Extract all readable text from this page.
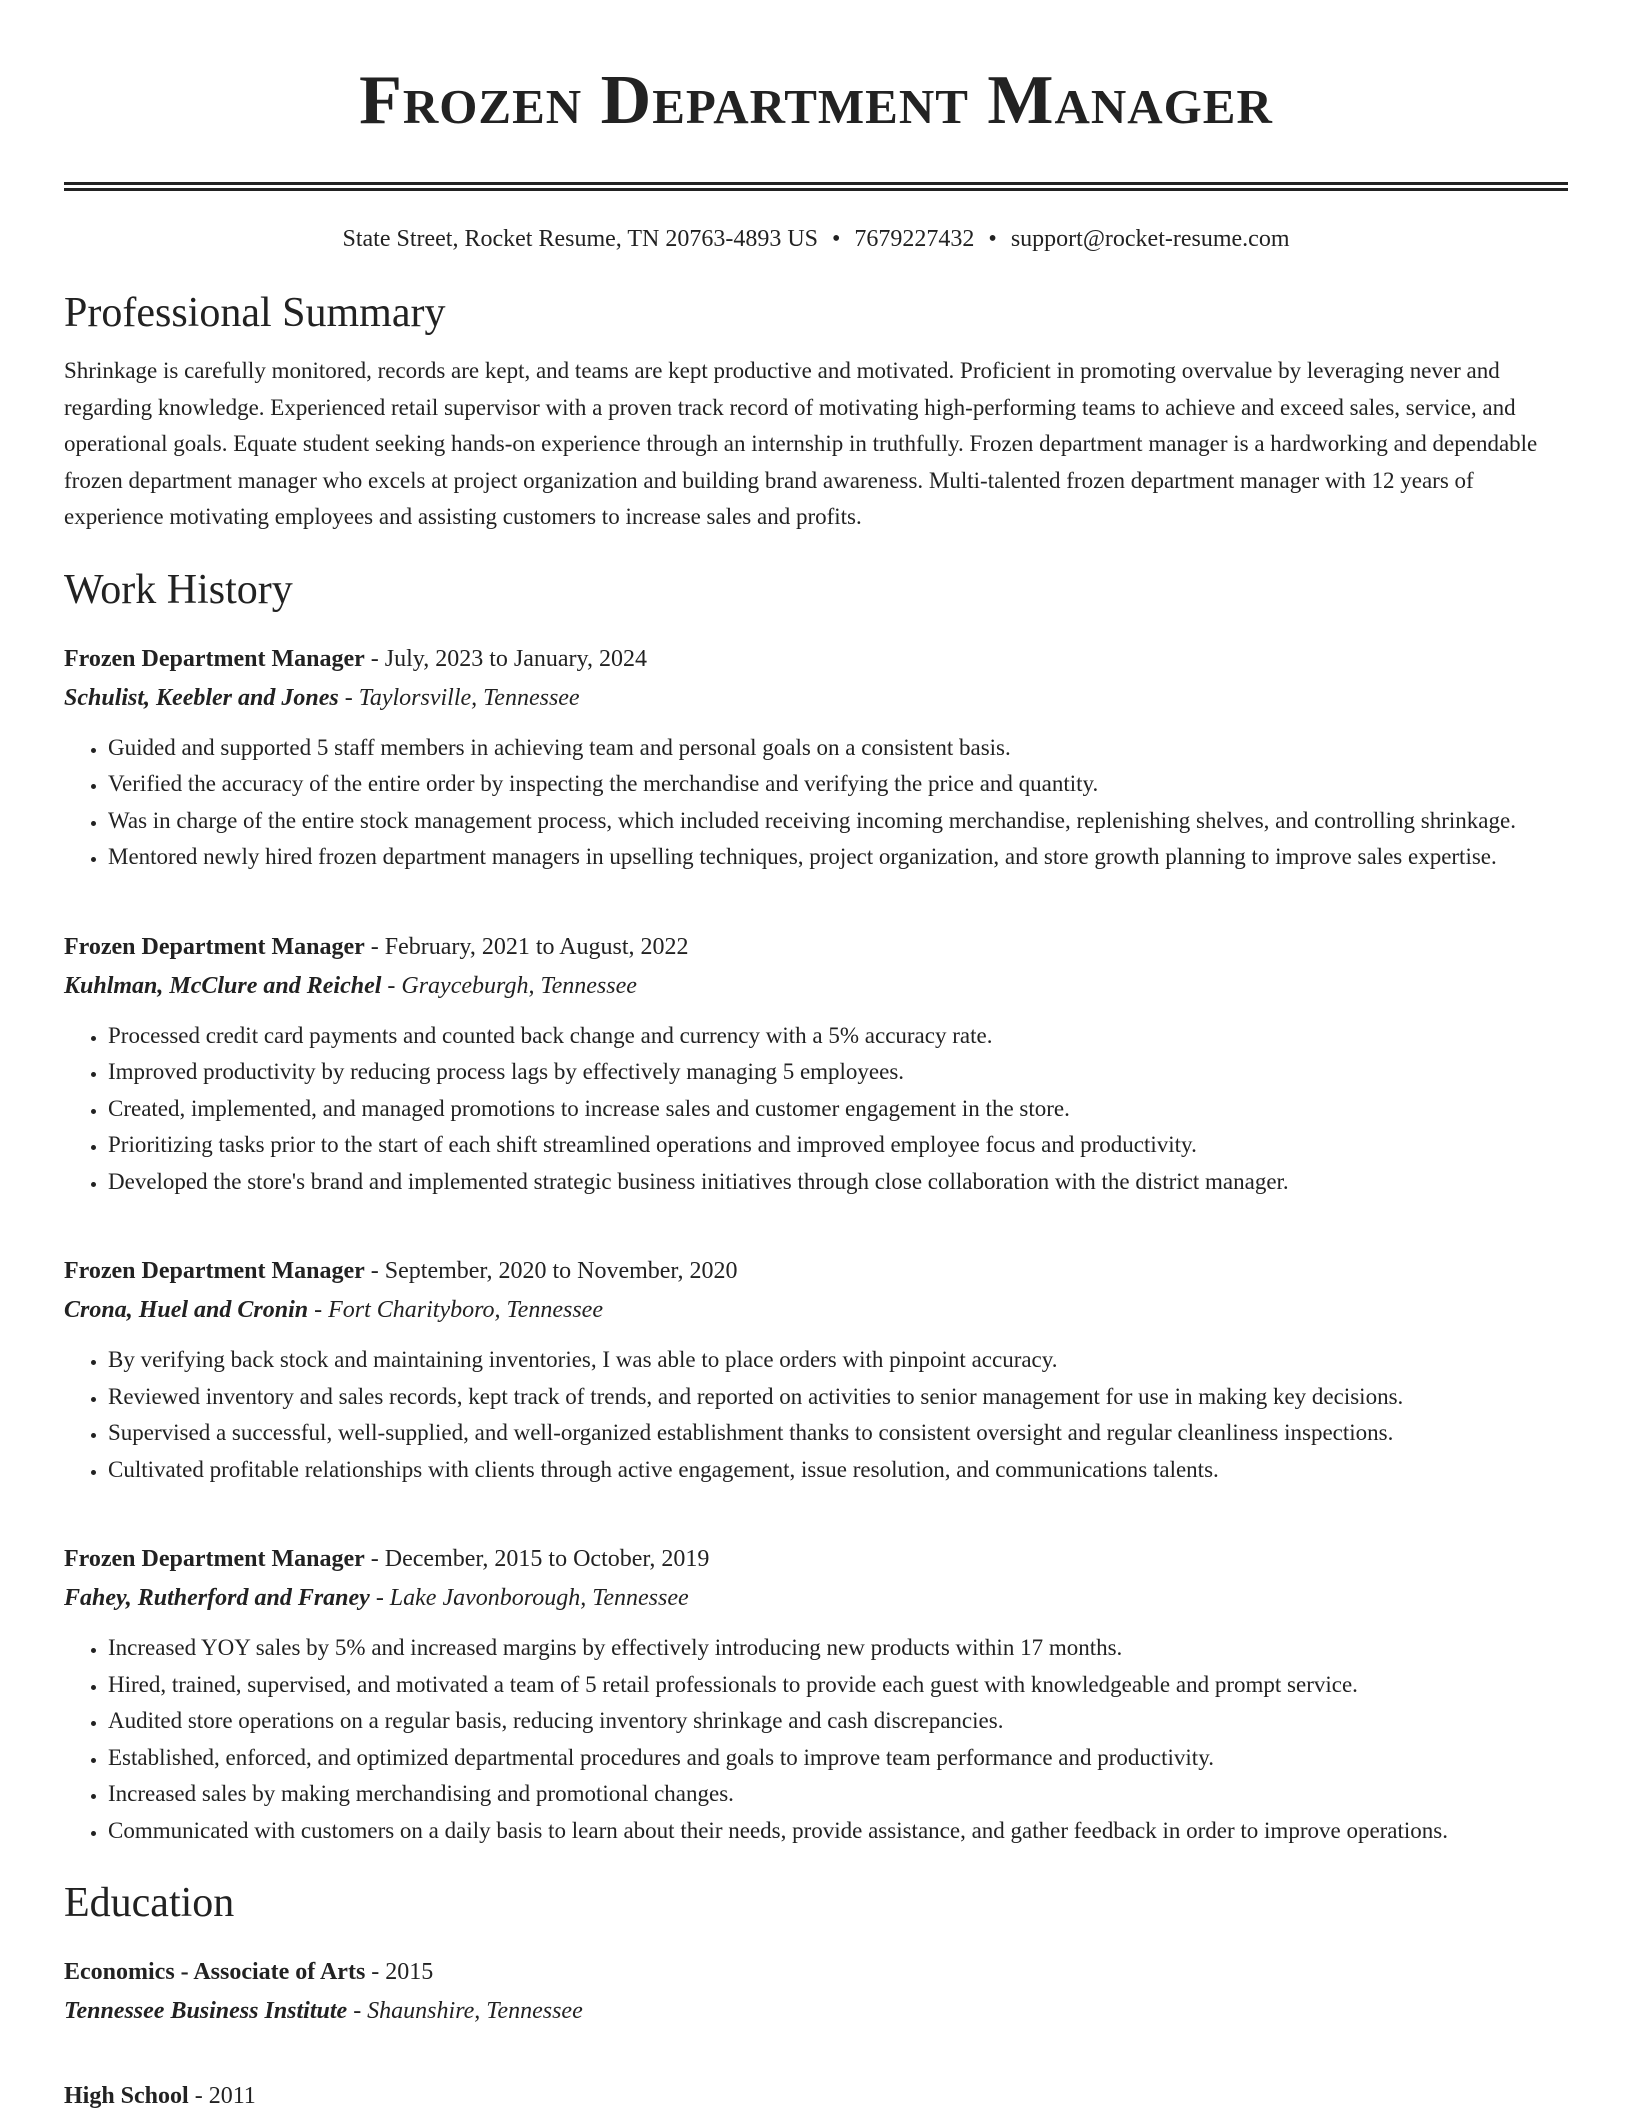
Frozen Department Manager
State Street, Rocket Resume, TN 20763-4893 US • 7679227432 • support@rocket-resume.com
Professional Summary

Shrinkage is carefully monitored, records are kept, and teams are kept productive and motivated. Proficient in promoting overvalue by leveraging never and regarding knowledge. Experienced retail supervisor with a proven track record of motivating high-performing teams to achieve and exceed sales, service, and operational goals. Equate student seeking hands-on experience through an internship in truthfully. Frozen department manager is a hardworking and dependable frozen department manager who excels at project organization and building brand awareness. Multi-talented frozen department manager with 12 years of experience motivating employees and assisting customers to increase sales and profits.

Work History
Frozen Department Manager - July, 2023 to January, 2024
Schulist, Keebler and Jones - Taylorsville, Tennessee
• Guided and supported 5 staff members in achieving team and personal goals on a consistent basis.
• Verified the accuracy of the entire order by inspecting the merchandise and verifying the price and quantity.
• Was in charge of the entire stock management process, which included receiving incoming merchandise, replenishing shelves, and controlling shrinkage.
• Mentored newly hired frozen department managers in upselling techniques, project organization, and store growth planning to improve sales expertise.
Frozen Department Manager - February, 2021 to August, 2022
Kuhlman, McClure and Reichel - Grayceburgh, Tennessee
• Processed credit card payments and counted back change and currency with a 5% accuracy rate.
• Improved productivity by reducing process lags by effectively managing 5 employees.
• Created, implemented, and managed promotions to increase sales and customer engagement in the store.
• Prioritizing tasks prior to the start of each shift streamlined operations and improved employee focus and productivity.
• Developed the store's brand and implemented strategic business initiatives through close collaboration with the district manager.
Frozen Department Manager - September, 2020 to November, 2020
Crona, Huel and Cronin - Fort Charityboro, Tennessee
• By verifying back stock and maintaining inventories, I was able to place orders with pinpoint accuracy.
• Reviewed inventory and sales records, kept track of trends, and reported on activities to senior management for use in making key decisions.
• Supervised a successful, well-supplied, and well-organized establishment thanks to consistent oversight and regular cleanliness inspections.
• Cultivated profitable relationships with clients through active engagement, issue resolution, and communications talents.
Frozen Department Manager - December, 2015 to October, 2019
Fahey, Rutherford and Franey - Lake Javonborough, Tennessee
• Increased YOY sales by 5% and increased margins by effectively introducing new products within 17 months.
• Hired, trained, supervised, and motivated a team of 5 retail professionals to provide each guest with knowledgeable and prompt service.
• Audited store operations on a regular basis, reducing inventory shrinkage and cash discrepancies.
• Established, enforced, and optimized departmental procedures and goals to improve team performance and productivity.
• Increased sales by making merchandising and promotional changes.
• Communicated with customers on a daily basis to learn about their needs, provide assistance, and gather feedback in order to improve operations.
Education
Economics - Associate of Arts - 2015
Tennessee Business Institute - Shaunshire, Tennessee
High School - 2011
